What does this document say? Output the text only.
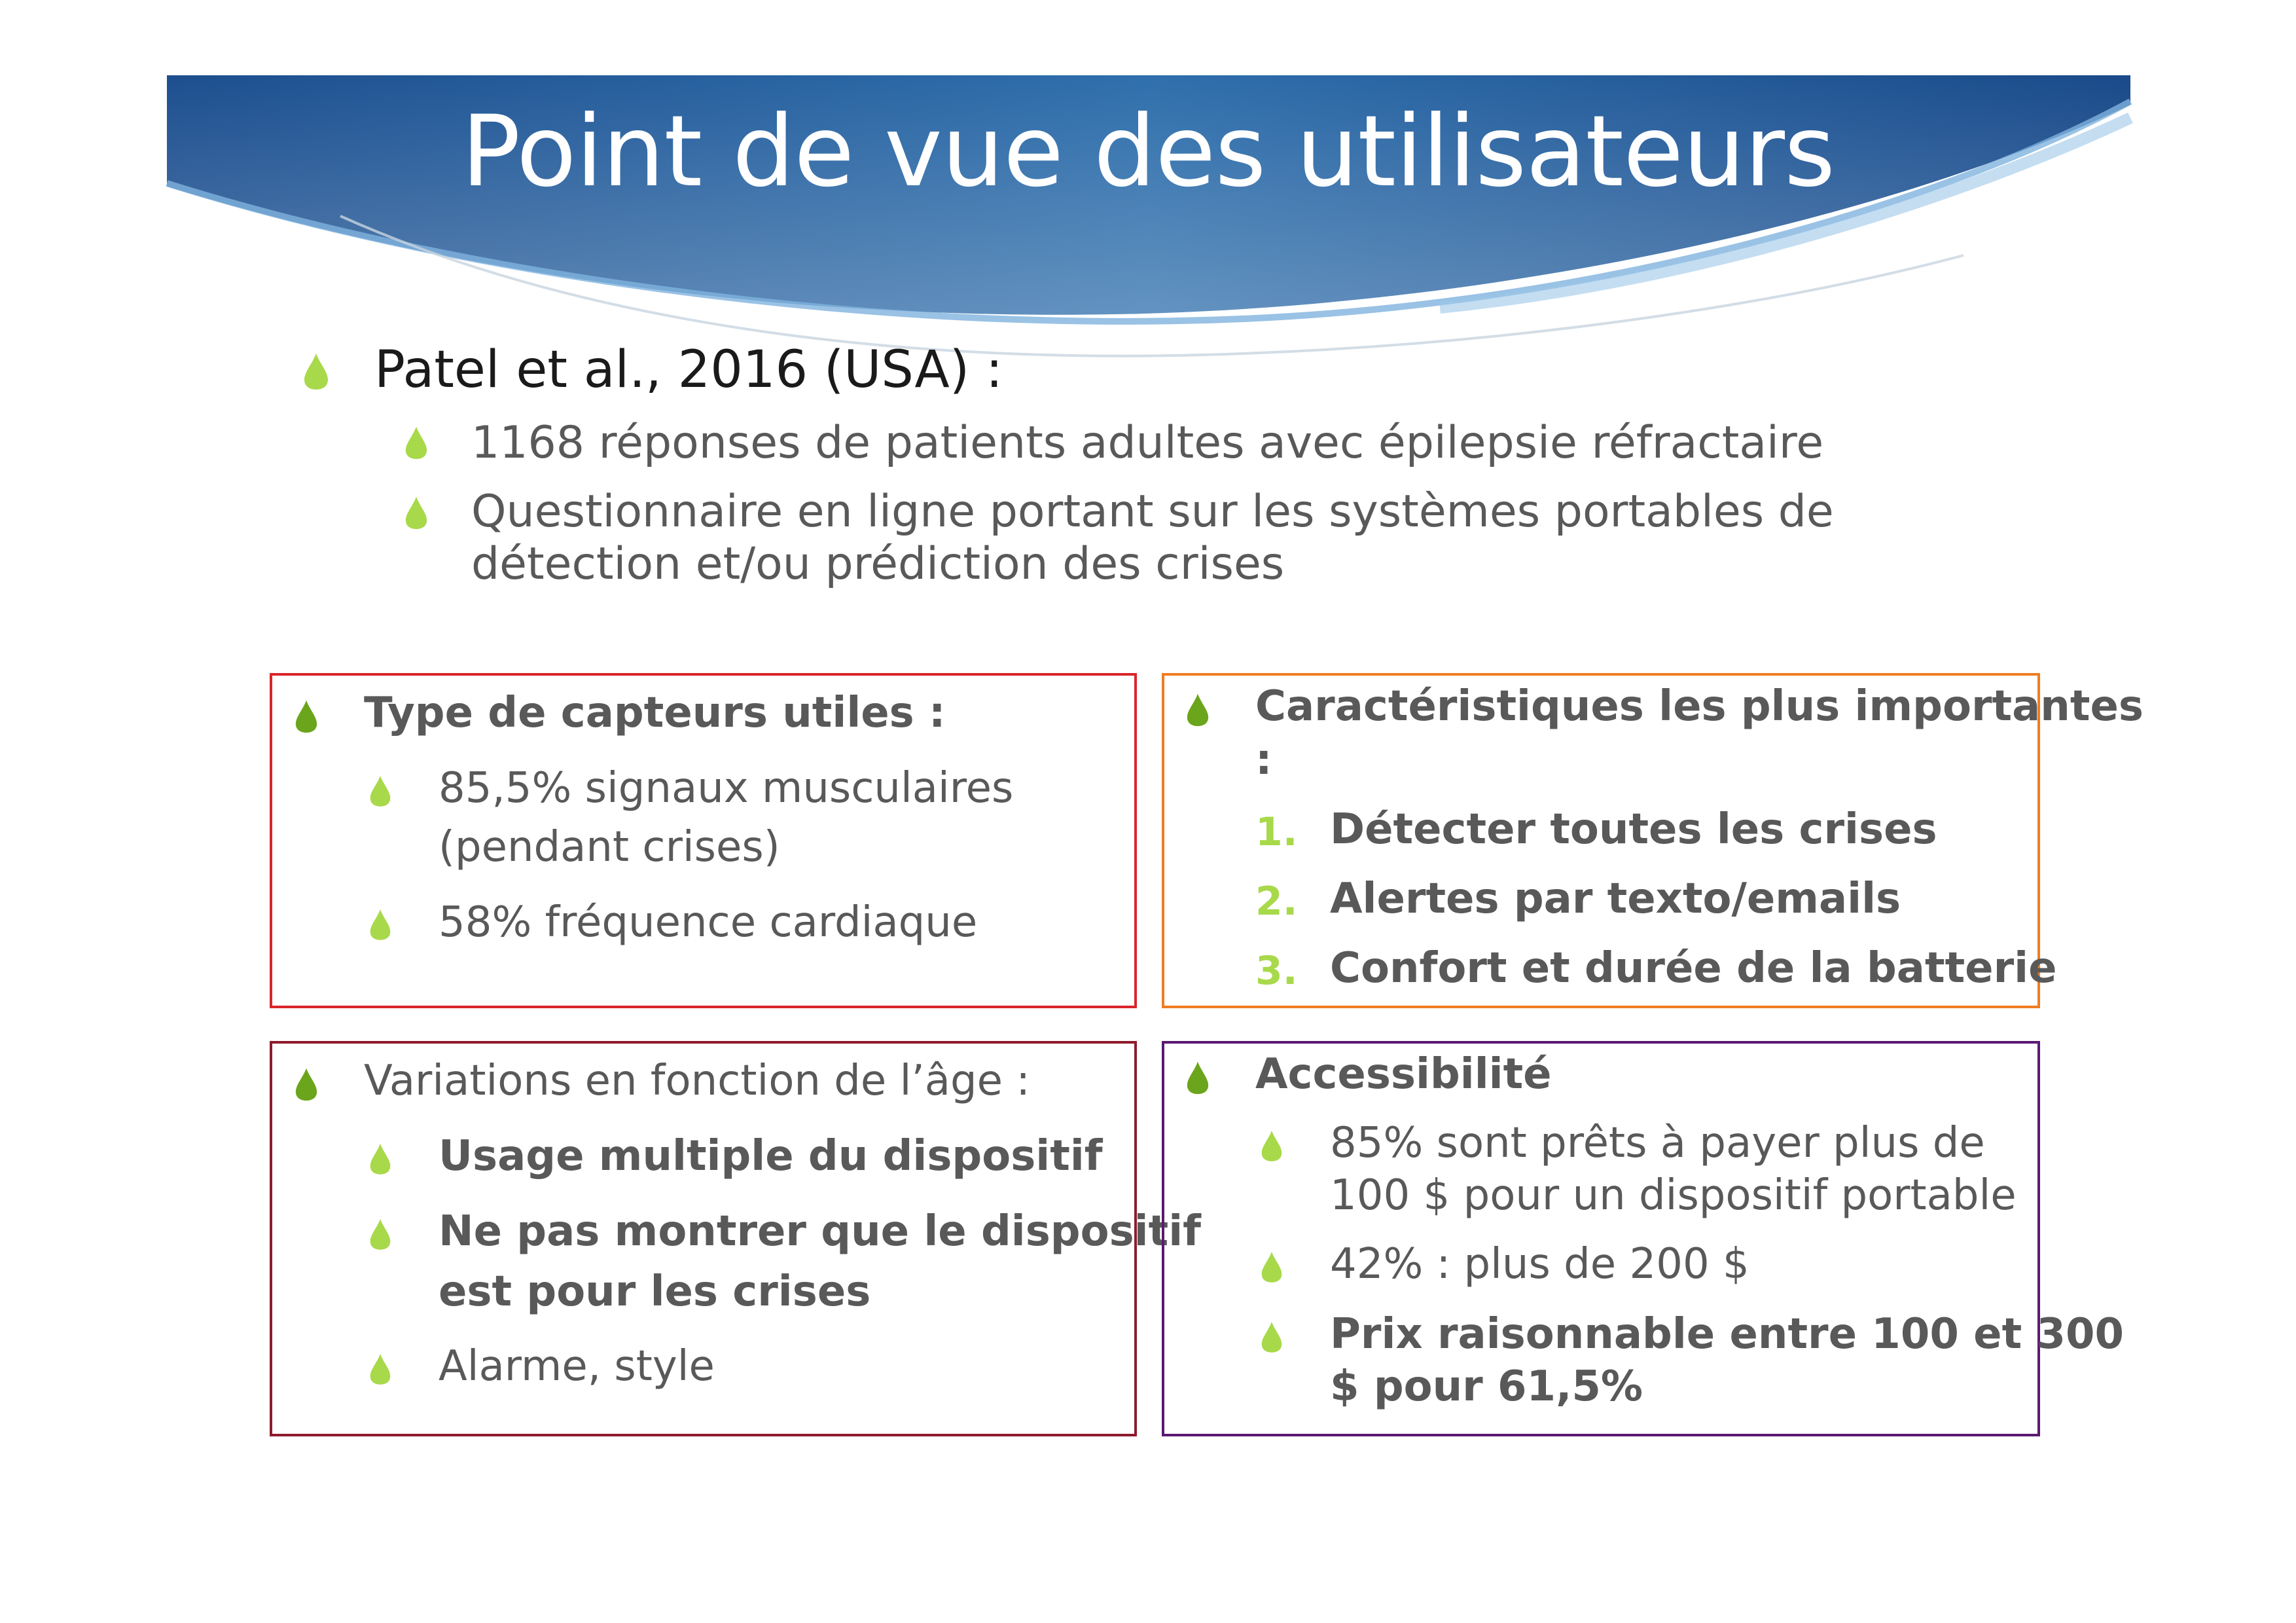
Point de vue des utilisateurs
Patel et al., 2016 (USA) :
1168 réponses de patients adultes avec épilepsie réfractaire
Questionnaire en ligne portant sur les systèmes portables de
détection et/ou prédiction des crises
Type de capteurs utiles :
85,5% signaux musculaires
(pendant crises)
58% fréquence cardiaque
Caractéristiques les plus importantes
:
1. Détecter toutes les crises
2. Alertes par texto/emails
3. Confort et durée de la batterie
Variations en fonction de l’âge :
Usage multiple du dispositif
Ne pas montrer que le dispositif
est pour les crises
Alarme, style
Accessibilité
85% sont prêts à payer plus de
100 $ pour un dispositif portable
42% : plus de 200 $
Prix raisonnable entre 100 et 300
$ pour 61,5%
